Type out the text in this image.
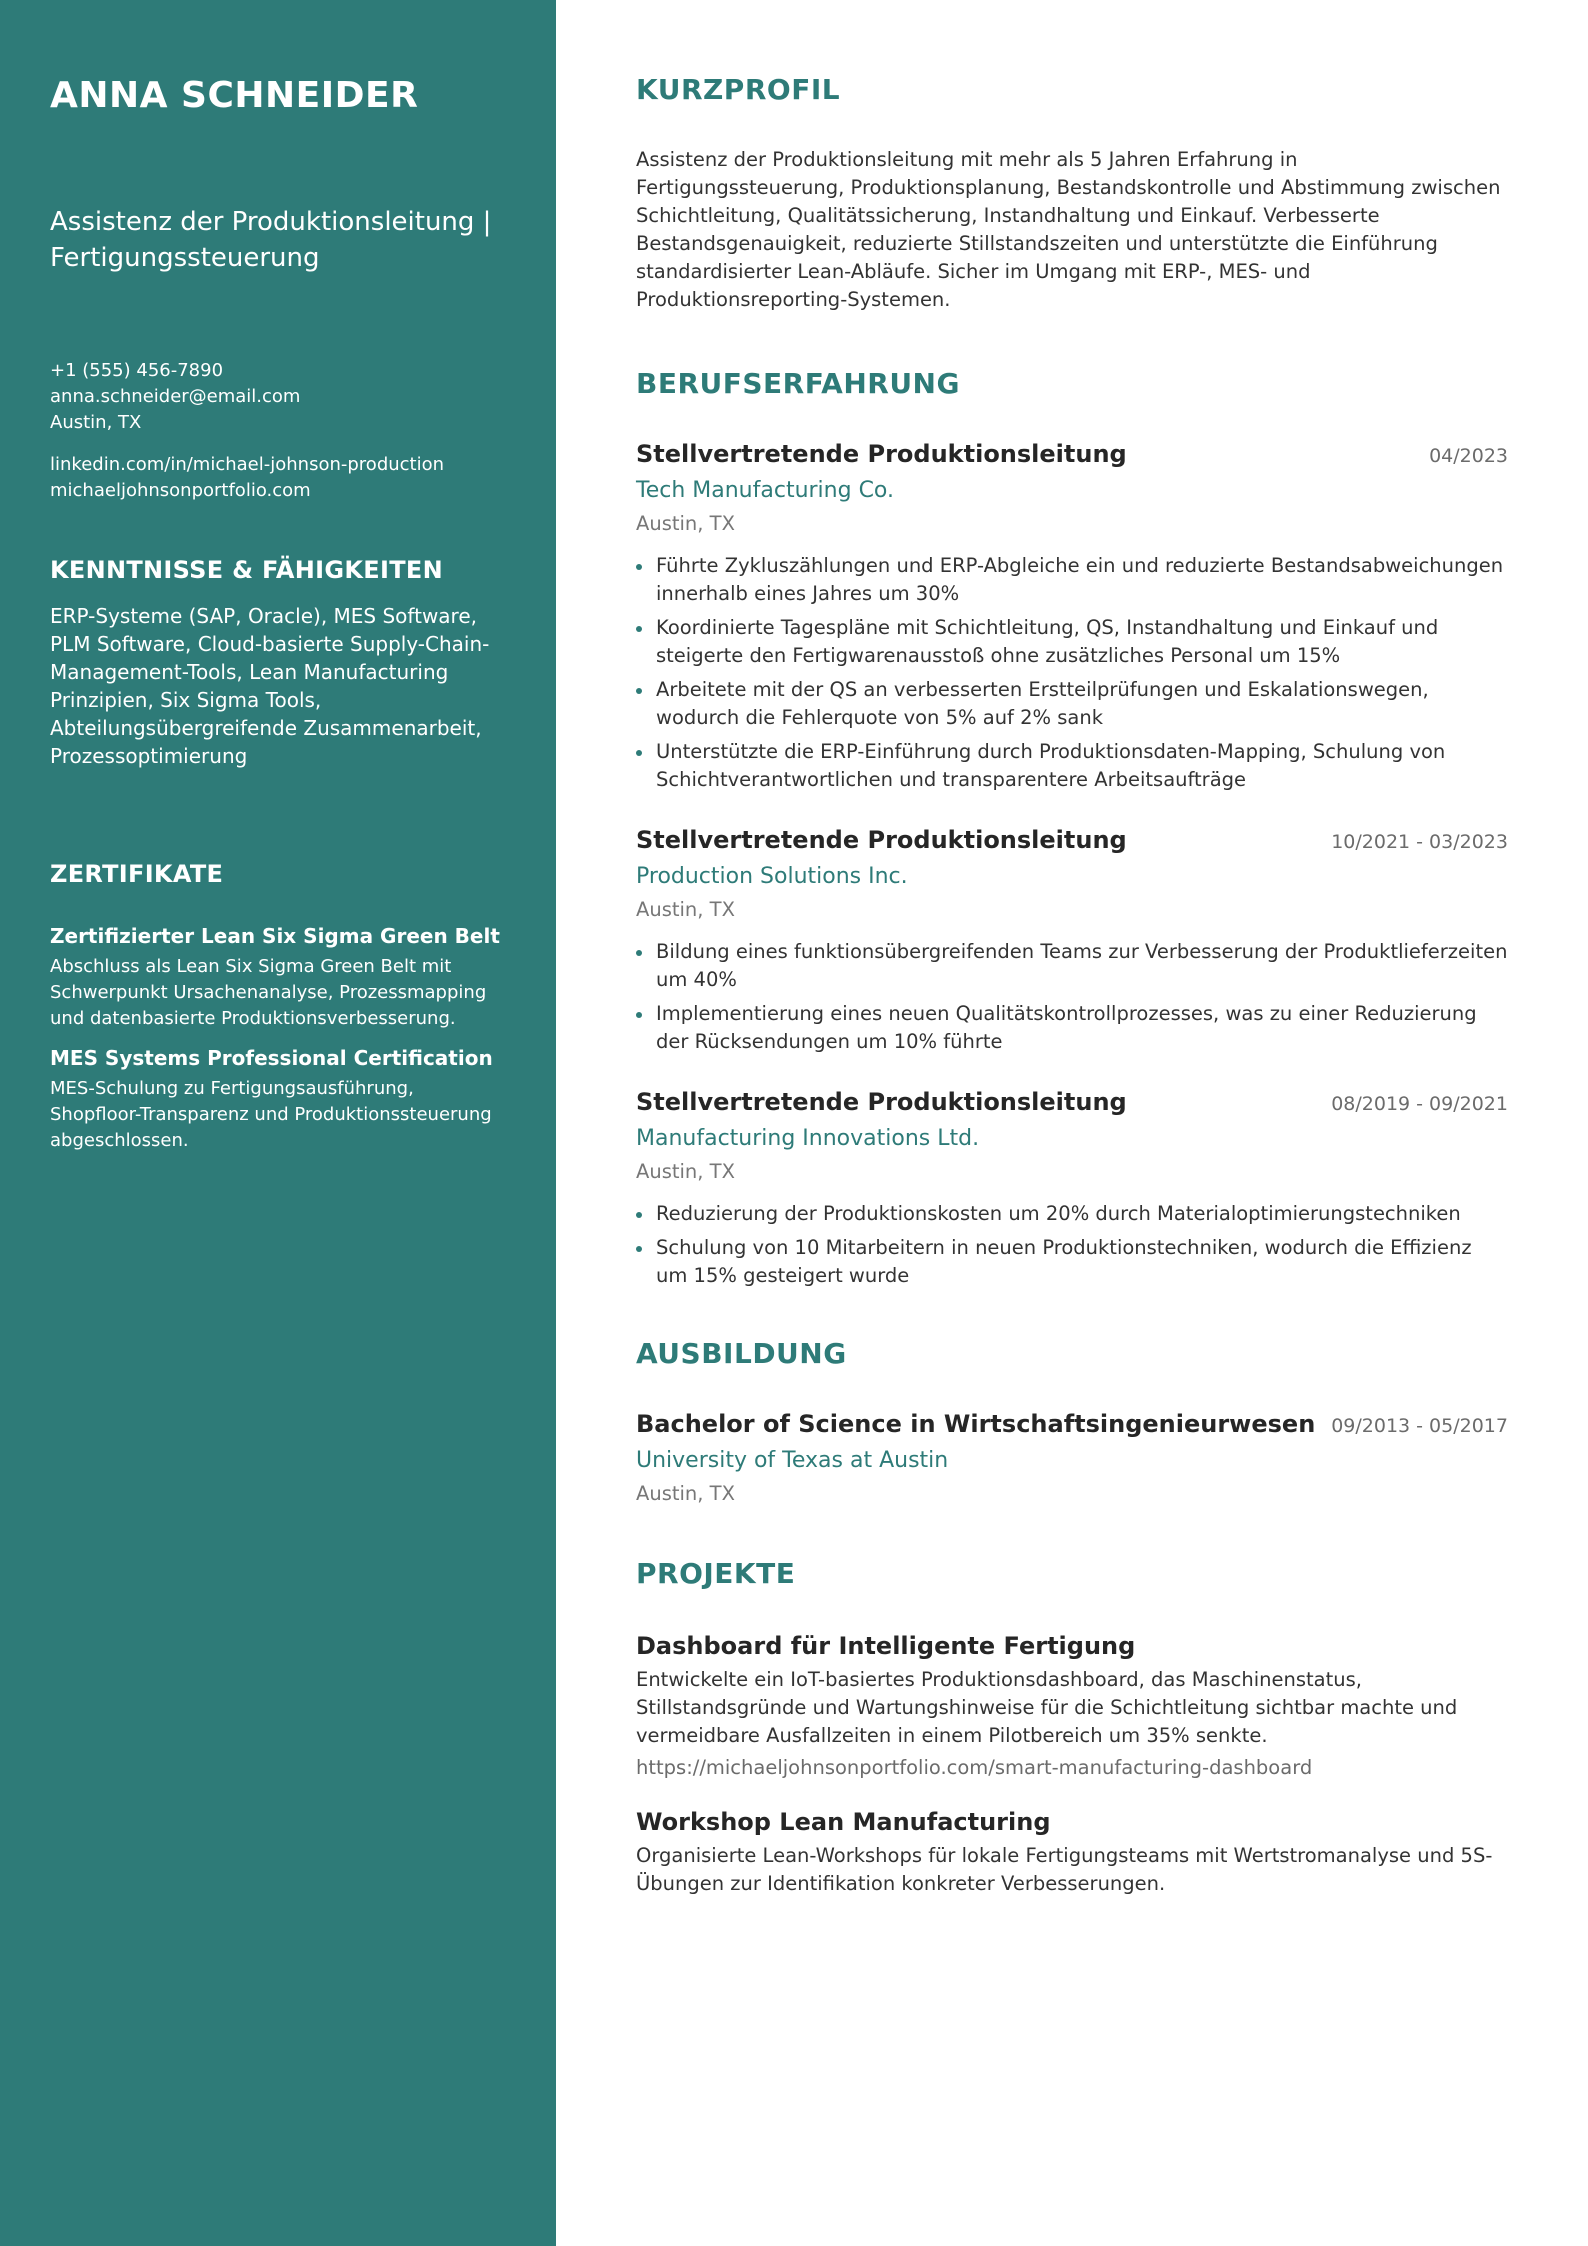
ANNA SCHNEIDER
Assistenz der Produktionsleitung | Fertigungssteuerung
+1 (555) 456-7890
anna.schneider@email.com
Austin, TX
linkedin.com/in/michael-johnson-production
michaeljohnsonportfolio.com
KENNTNISSE & FÄHIGKEITEN
ERP-Systeme (SAP, Oracle), MES Software, PLM Software, Cloud-basierte Supply-Chain-Management-Tools, Lean Manufacturing Prinzipien, Six Sigma Tools, Abteilungsübergreifende Zusammenarbeit, Prozessoptimierung
ZERTIFIKATE
Zertifizierter Lean Six Sigma Green Belt
Abschluss als Lean Six Sigma Green Belt mit Schwerpunkt Ursachenanalyse, Prozessmapping und datenbasierte Produktionsverbesserung.
MES Systems Professional Certification
MES-Schulung zu Fertigungsausführung, Shopfloor-Transparenz und Produktionssteuerung abgeschlossen.
KURZPROFIL
Assistenz der Produktionsleitung mit mehr als 5 Jahren Erfahrung in Fertigungssteuerung, Produktionsplanung, Bestandskontrolle und Abstimmung zwischen Schichtleitung, Qualitätssicherung, Instandhaltung und Einkauf. Verbesserte Bestandsgenauigkeit, reduzierte Stillstandszeiten und unterstützte die Einführung standardisierter Lean-Abläufe. Sicher im Umgang mit ERP-, MES- und Produktionsreporting-Systemen.
BERUFSERFAHRUNG
Stellvertretende Produktionsleitung	04/2023
Tech Manufacturing Co.
Austin, TX
Führte Zykluszählungen und ERP-Abgleiche ein und reduzierte Bestandsabweichungen innerhalb eines Jahres um 30%
Koordinierte Tagespläne mit Schichtleitung, QS, Instandhaltung und Einkauf und steigerte den Fertigwarenausstoß ohne zusätzliches Personal um 15%
Arbeitete mit der QS an verbesserten Erstteilprüfungen und Eskalationswegen, wodurch die Fehlerquote von 5% auf 2% sank
Unterstützte die ERP-Einführung durch Produktionsdaten-Mapping, Schulung von Schichtverantwortlichen und transparentere Arbeitsaufträge
Stellvertretende Produktionsleitung	10/2021 - 03/2023
Production Solutions Inc.
Austin, TX
Bildung eines funktionsübergreifenden Teams zur Verbesserung der Produktlieferzeiten um 40%
Implementierung eines neuen Qualitätskontrollprozesses, was zu einer Reduzierung der Rücksendungen um 10% führte
Stellvertretende Produktionsleitung	08/2019 - 09/2021
Manufacturing Innovations Ltd.
Austin, TX
Reduzierung der Produktionskosten um 20% durch Materialoptimierungstechniken
Schulung von 10 Mitarbeitern in neuen Produktionstechniken, wodurch die Effizienz um 15% gesteigert wurde
AUSBILDUNG
Bachelor of Science in Wirtschaftsingenieurwesen 09/2013 - 05/2017
University of Texas at Austin
Austin, TX
PROJEKTE
Dashboard für Intelligente Fertigung
Entwickelte ein IoT-basiertes Produktionsdashboard, das Maschinenstatus, Stillstandsgründe und Wartungshinweise für die Schichtleitung sichtbar machte und vermeidbare Ausfallzeiten in einem Pilotbereich um 35% senkte.
https://michaeljohnsonportfolio.com/smart-manufacturing-dashboard
Workshop Lean Manufacturing
Organisierte Lean-Workshops für lokale Fertigungsteams mit Wertstromanalyse und 5S-Übungen zur Identifikation konkreter Verbesserungen.
